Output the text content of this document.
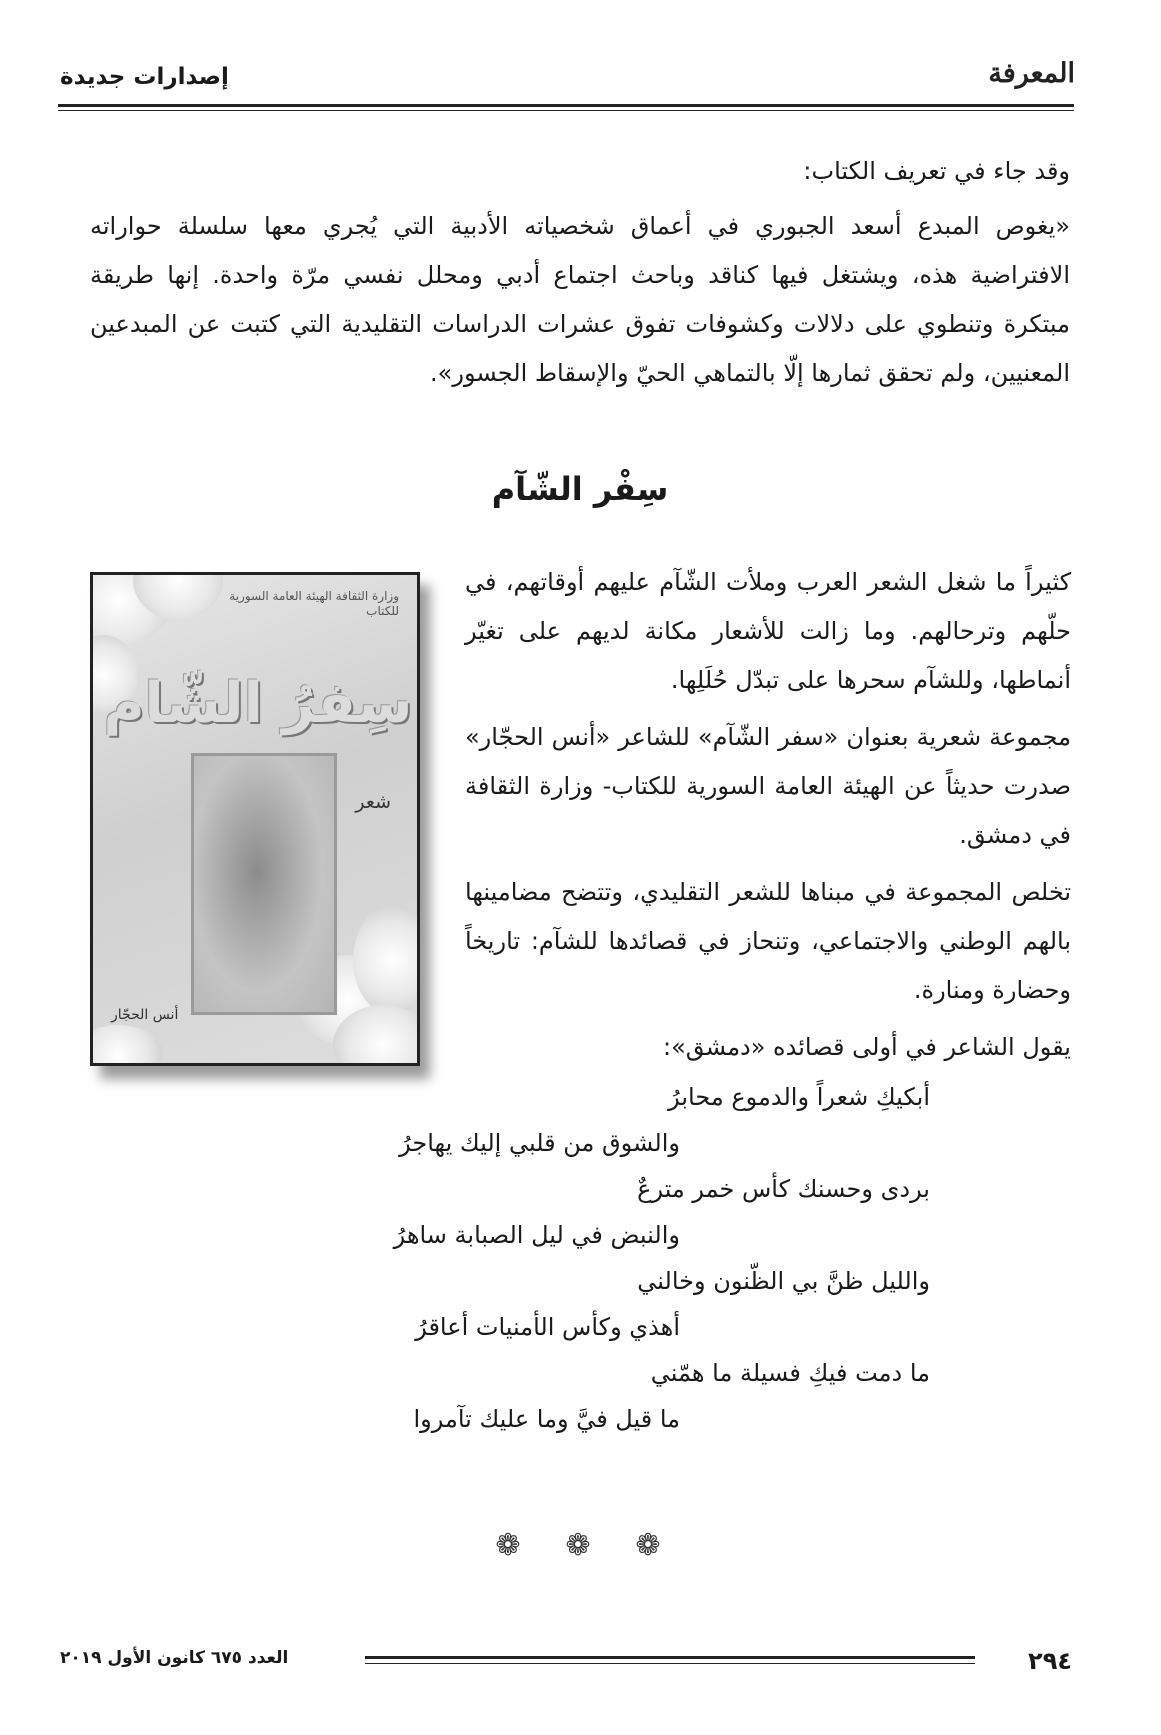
المعرفة
إصدارات جديدة
وقد جاء في تعريف الكتاب:
«يغوص المبدع أسعد الجبوري في أعماق شخصياته الأدبية التي يُجري معها سلسلة حواراته الافتراضية هذه، ويشتغل فيها كناقد وباحث اجتماع أدبي ومحلل نفسي مرّة واحدة. إنها طريقة مبتكرة وتنطوي على دلالات وكشوفات تفوق عشرات الدراسات التقليدية التي كتبت عن المبدعين المعنيين، ولم تحقق ثمارها إلّا بالتماهي الحيّ والإسقاط الجسور».
سِفْر الشّآم
وزارة الثقافة الهيئة العامة السورية للكتاب
سِفرُ الشّام
شعر
أنس الحجّار
كثيراً ما شغل الشعر العرب وملأت الشّآم عليهم أوقاتهم، في حلّهم وترحالهم. وما زالت للأشعار مكانة لديهم على تغيّر أنماطها، وللشآم سحرها على تبدّل حُلَلِها.
مجموعة شعرية بعنوان «سفر الشّآم» للشاعر «أنس الحجّار» صدرت حديثاً عن الهيئة العامة السورية للكتاب- وزارة الثقافة في دمشق.
تخلص المجموعة في مبناها للشعر التقليدي، وتتضح مضامينها بالهم الوطني والاجتماعي، وتنحاز في قصائدها للشآم: تاريخاً وحضارة ومنارة.
يقول الشاعر في أولى قصائده «دمشق»:
أبكيكِ شعراً والدموع محابرُ
والشوق من قلبي إليك يهاجرُ
بردى وحسنك كأس خمر مترعٌ
والنبض في ليل الصبابة ساهرُ
والليل ظنَّ بي الظّنون وخالني
أهذي وكأس الأمنيات أعاقرُ
ما دمت فيكِ فسيلة ما همّني
ما قيل فيَّ وما عليك تآمروا
❁ ❁ ❁
٢٩٤
العدد ٦٧٥ كانون الأول ٢٠١٩
